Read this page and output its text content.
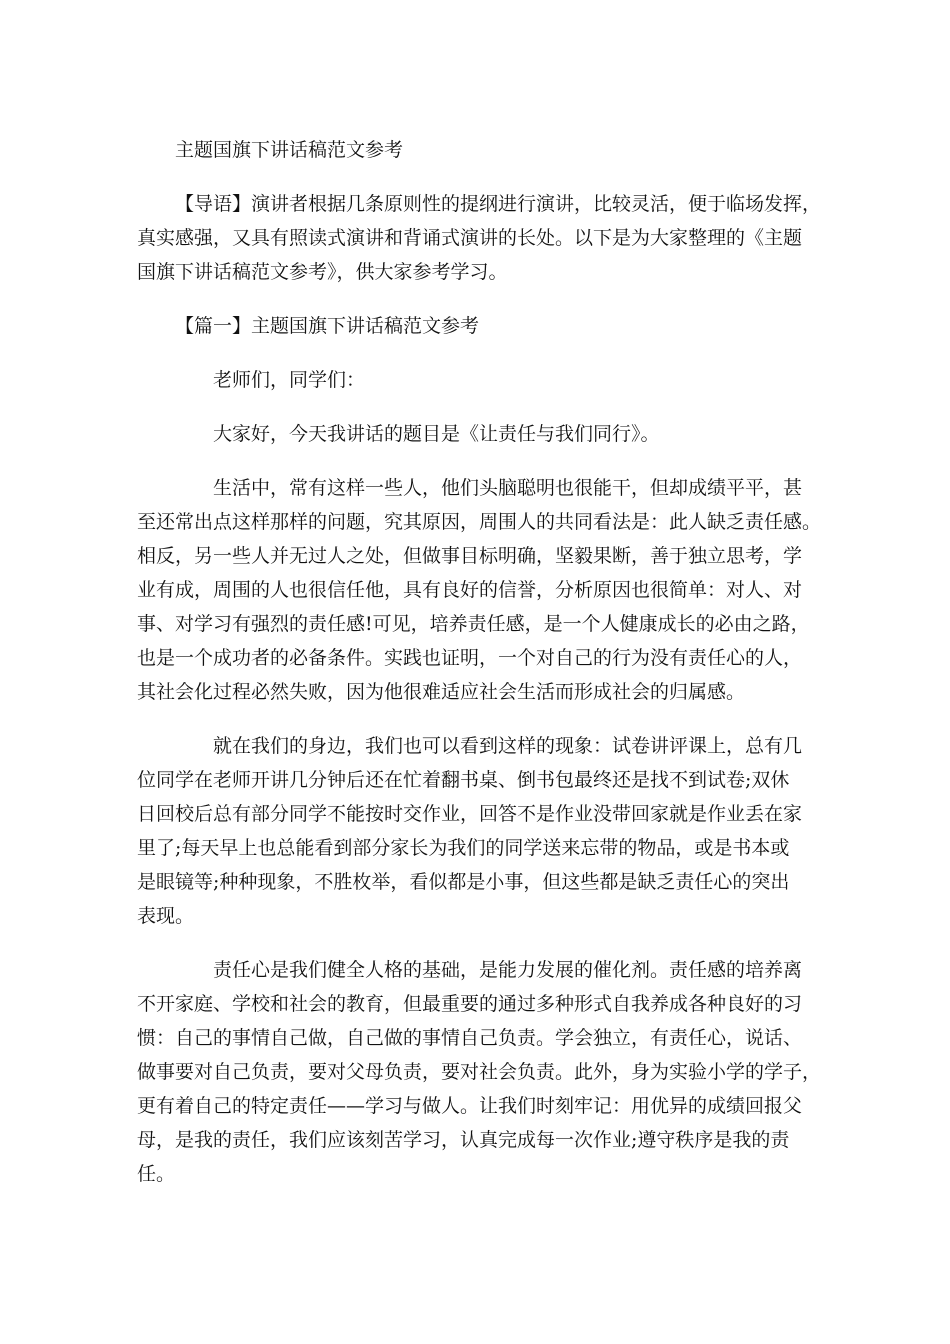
主题国旗下讲话稿范文参考
【导语】演讲者根据几条原则性的提纲进行演讲，比较灵活，便于临场发挥，
真实感强，又具有照读式演讲和背诵式演讲的长处。以下是为大家整理的《主题
国旗下讲话稿范文参考》，供大家参考学习。
【篇一】主题国旗下讲话稿范文参考
老师们，同学们：
大家好，今天我讲话的题目是《让责任与我们同行》。
生活中，常有这样一些人，他们头脑聪明也很能干，但却成绩平平，甚
至还常出点这样那样的问题，究其原因，周围人的共同看法是：此人缺乏责任感。
相反，另一些人并无过人之处，但做事目标明确，坚毅果断，善于独立思考，学
业有成，周围的人也很信任他，具有良好的信誉，分析原因也很简单：对人、对
事、对学习有强烈的责任感!可见，培养责任感，是一个人健康成长的必由之路，
也是一个成功者的必备条件。实践也证明，一个对自己的行为没有责任心的人，
其社会化过程必然失败，因为他很难适应社会生活而形成社会的归属感。
就在我们的身边，我们也可以看到这样的现象：试卷讲评课上，总有几
位同学在老师开讲几分钟后还在忙着翻书桌、倒书包最终还是找不到试卷;双休
日回校后总有部分同学不能按时交作业，回答不是作业没带回家就是作业丢在家
里了;每天早上也总能看到部分家长为我们的同学送来忘带的物品，或是书本或
是眼镜等;种种现象，不胜枚举，看似都是小事，但这些都是缺乏责任心的突出
表现。
责任心是我们健全人格的基础，是能力发展的催化剂。责任感的培养离
不开家庭、学校和社会的教育，但最重要的通过多种形式自我养成各种良好的习
惯：自己的事情自己做，自己做的事情自己负责。学会独立，有责任心，说话、
做事要对自己负责，要对父母负责，要对社会负责。此外，身为实验小学的学子，
更有着自己的特定责任——学习与做人。让我们时刻牢记：用优异的成绩回报父
母，是我的责任，我们应该刻苦学习，认真完成每一次作业;遵守秩序是我的责
任。
